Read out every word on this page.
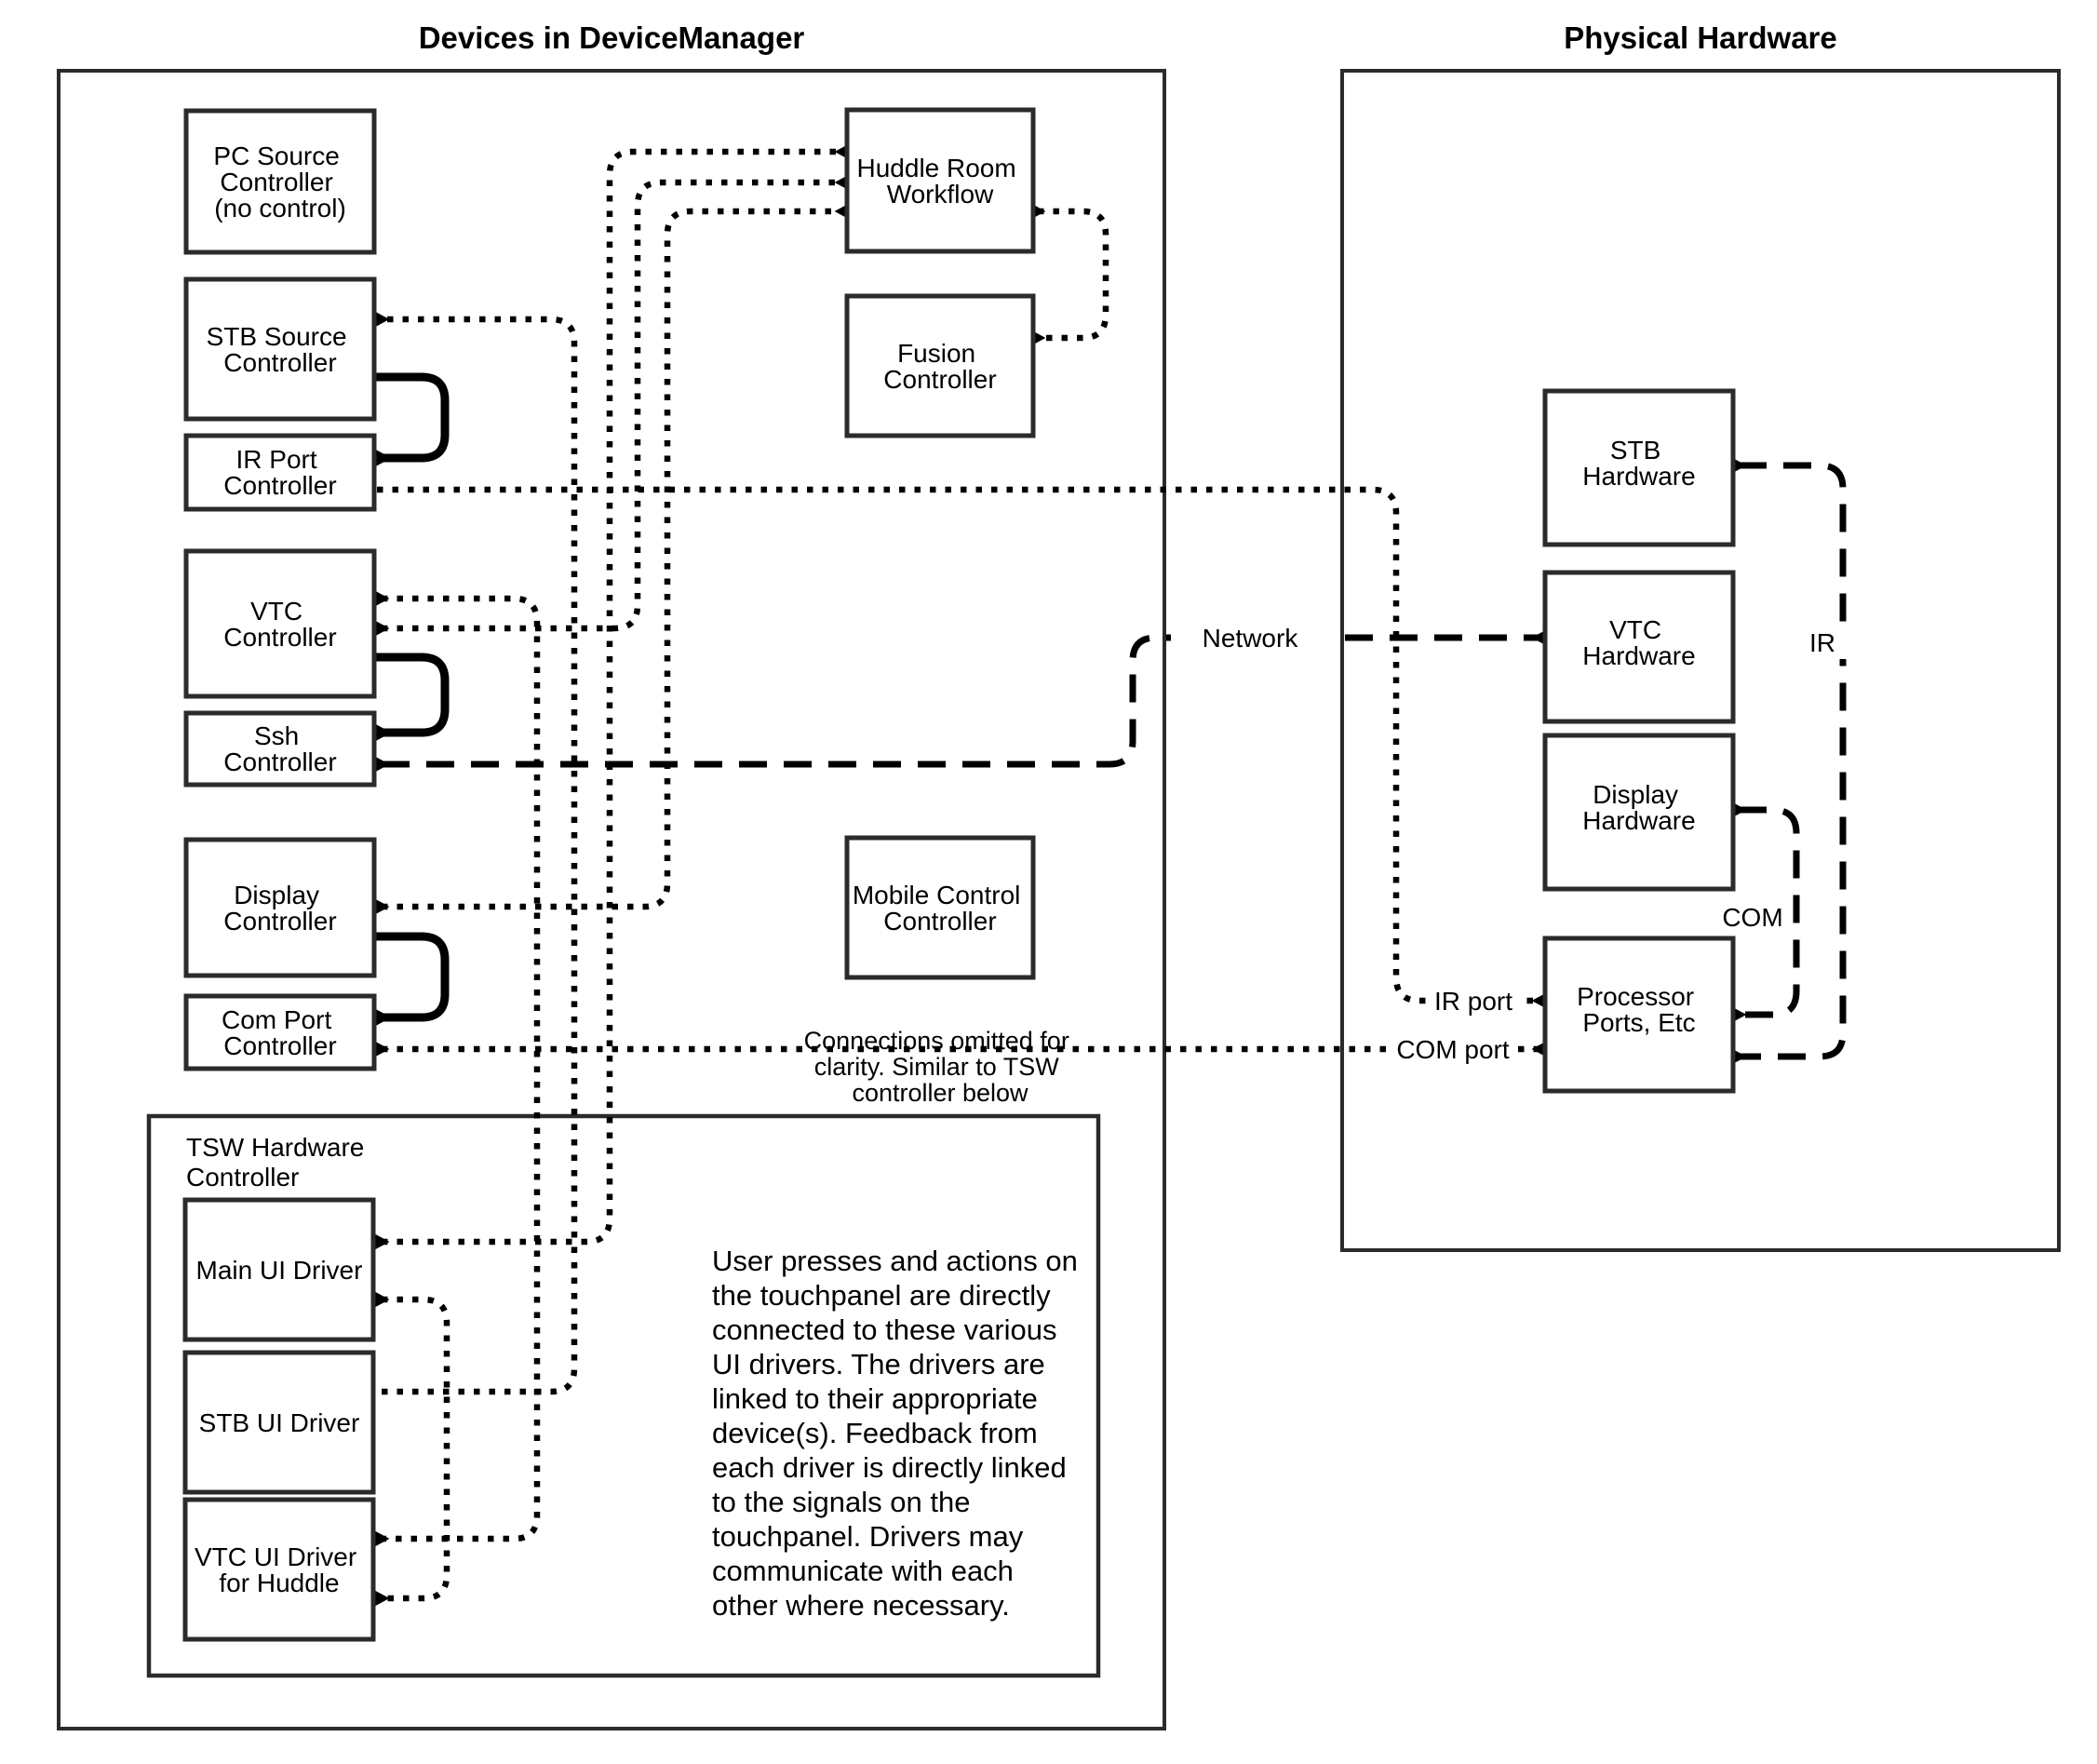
Devices in DeviceManager	Physical Hardware
TSW Hardware
Controller
Network	IR
COM
IR port
COM port
PC Source Controller (no control)
STB Source Controller
IR Port Controller
VTC Controller
Ssh Controller
Display Controller
Com Port Controller
Huddle Room Workflow
Fusion Controller
Mobile Control Controller
Connections omitted for clarity. Similar to TSW controller below
Main UI Driver
STB UI Driver
VTC UI Driver for Huddle
User presses and actions on the touchpanel are directly connected to these various UI drivers. The drivers are linked to their appropriate device(s). Feedback from each driver is directly linked to the signals on the touchpanel. Drivers may communicate with each other where necessary.
STB Hardware
VTC Hardware
Display Hardware
Processor Ports, Etc
